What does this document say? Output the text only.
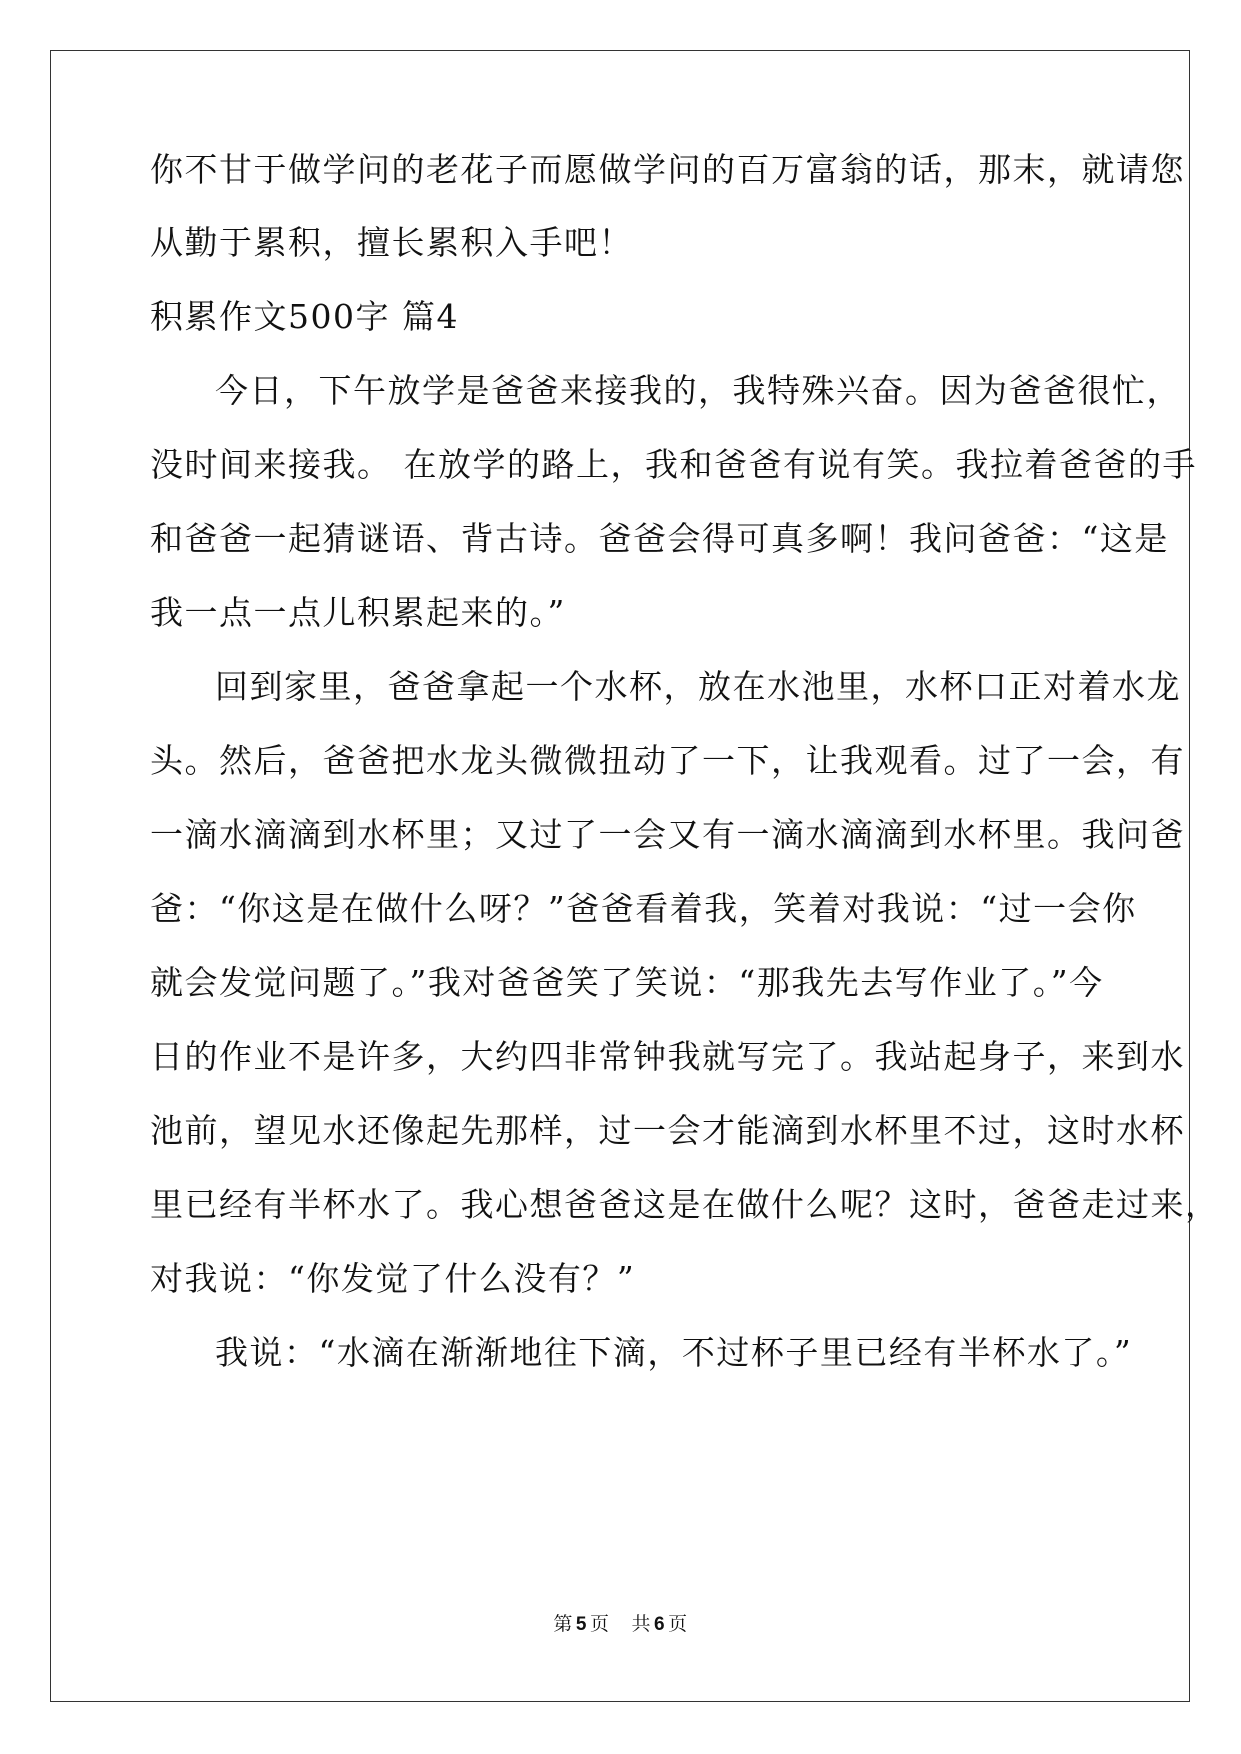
你不甘于做学问的老花子而愿做学问的百万富翁的话，那末，就请您
从勤于累积，擅长累积入手吧！
积累作文500字 篇4
今日，下午放学是爸爸来接我的，我特殊兴奋。因为爸爸很忙，
没时间来接我。 在放学的路上，我和爸爸有说有笑。我拉着爸爸的手
和爸爸一起猜谜语、背古诗。爸爸会得可真多啊！我问爸爸：“这是
我一点一点儿积累起来的。”
回到家里，爸爸拿起一个水杯，放在水池里，水杯口正对着水龙
头。然后，爸爸把水龙头微微扭动了一下，让我观看。过了一会，有
一滴水滴滴到水杯里；又过了一会又有一滴水滴滴到水杯里。我问爸
爸：“你这是在做什么呀？”爸爸看着我，笑着对我说：“过一会你
就会发觉问题了。”我对爸爸笑了笑说：“那我先去写作业了。”今
日的作业不是许多，大约四非常钟我就写完了。我站起身子，来到水
池前，望见水还像起先那样，过一会才能滴到水杯里不过，这时水杯
里已经有半杯水了。我心想爸爸这是在做什么呢？这时，爸爸走过来，
对我说：“你发觉了什么没有？”
我说：“水滴在渐渐地往下滴，不过杯子里已经有半杯水了。”
第 5 页 共 6 页
